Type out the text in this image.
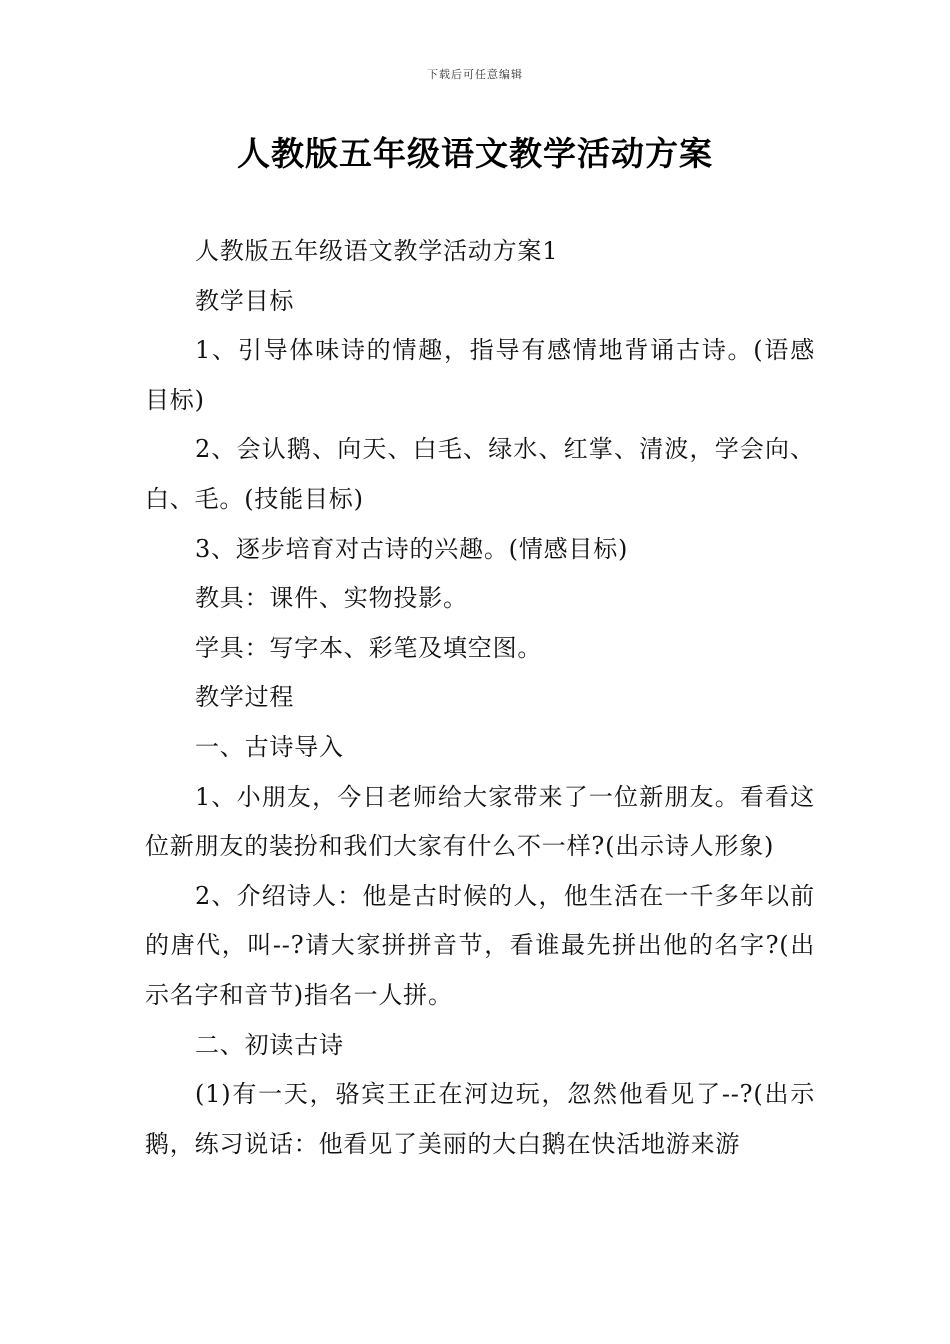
下载后可任意编辑
人教版五年级语文教学活动方案

人教版五年级语文教学活动方案1

教学目标

1、引导体味诗的情趣，指导有感情地背诵古诗。(语感目标)

2、会认鹅、向天、白毛、绿水、红掌、清波，学会向、白、毛。(技能目标)

3、逐步培育对古诗的兴趣。(情感目标)

教具：课件、实物投影。

学具：写字本、彩笔及填空图。

教学过程

一、古诗导入

1、小朋友，今日老师给大家带来了一位新朋友。看看这位新朋友的装扮和我们大家有什么不一样?(出示诗人形象)

2、介绍诗人：他是古时候的人，他生活在一千多年以前的唐代，叫--?请大家拼拼音节，看谁最先拼出他的名字?(出示名字和音节)指名一人拼。

二、初读古诗

(1)有一天，骆宾王正在河边玩，忽然他看见了--?(出示鹅，练习说话：他看见了美丽的大白鹅在快活地游来游
